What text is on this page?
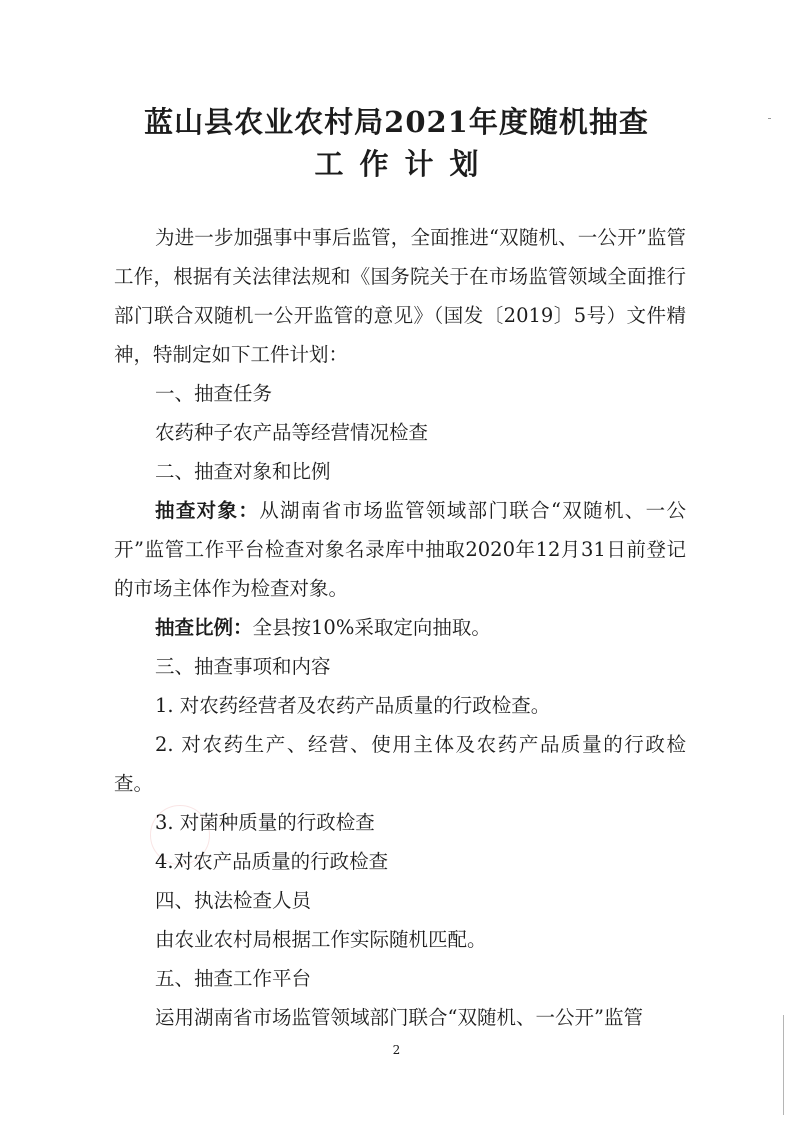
蓝山县农业农村局2021年度随机抽查
工作计划

为进一步加强事中事后监管，全面推进“双随机、一公开”监管工作，根据有关法律法规和《国务院关于在市场监管领域全面推行部门联合双随机一公开监管的意见》（国发〔2019〕5号）文件精神，特制定如下工件计划：

一、抽查任务

农药种子农产品等经营情况检查

二、抽查对象和比例

抽查对象：从湖南省市场监管领域部门联合“双随机、一公开”监管工作平台检查对象名录库中抽取2020年12月31日前登记的市场主体作为检查对象。

抽查比例：全县按10%采取定向抽取。

三、抽查事项和内容

1. 对农药经营者及农药产品质量的行政检查。

2. 对农药生产、经营、使用主体及农药产品质量的行政检查。

3. 对菌种质量的行政检查

4.对农产品质量的行政检查

四、执法检查人员

由农业农村局根据工作实际随机匹配。

五、抽查工作平台

运用湖南省市场监管领域部门联合“双随机、一公开”监管

2
